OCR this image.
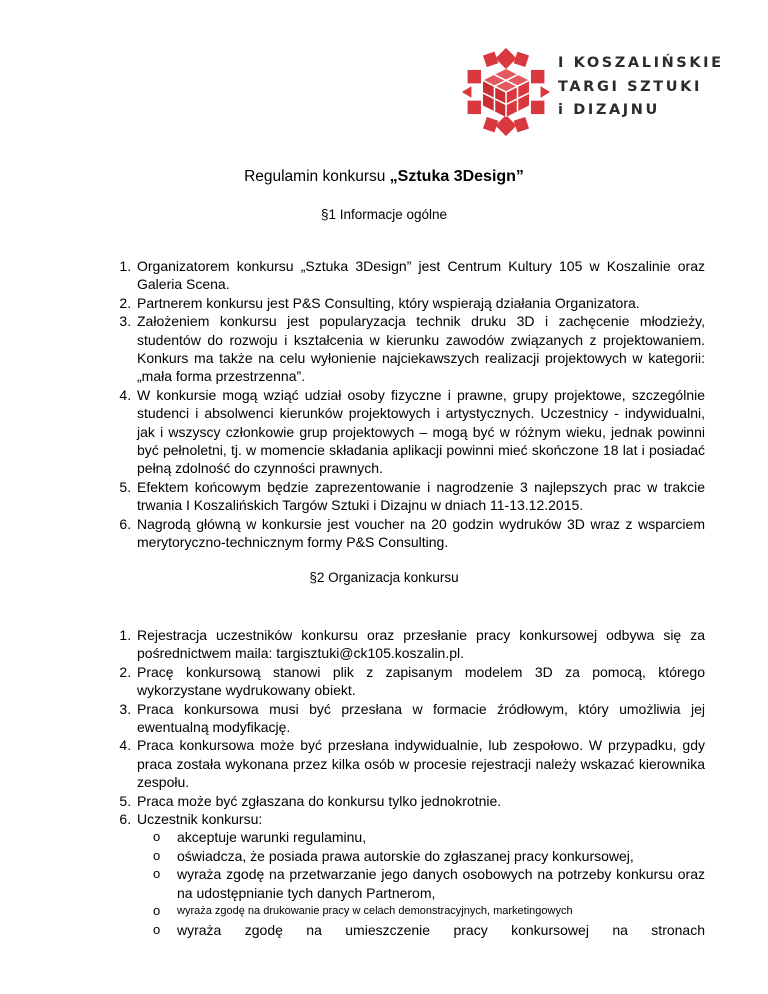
I KOSZALIŃSKIE
TARGI SZTUKI
i DIZAJNU
Regulamin konkursu „Sztuka 3Design”
§1 Informacje ogólne
1. Organizatorem konkursu „Sztuka 3Design” jest Centrum Kultury 105 w Koszalinie oraz Galeria Scena.
2. Partnerem konkursu jest P&S Consulting, który wspierają działania Organizatora.
3. Założeniem konkursu jest popularyzacja technik druku 3D i zachęcenie młodzieży, studentów do rozwoju i kształcenia w kierunku zawodów związanych z projektowaniem. Konkurs ma także na celu wyłonienie najciekawszych realizacji projektowych w kategorii: „mała forma przestrzenna”.
4. W konkursie mogą wziąć udział osoby fizyczne i prawne, grupy projektowe, szczególnie studenci i absolwenci kierunków projektowych i artystycznych. Uczestnicy - indywidualni, jak i wszyscy członkowie grup projektowych – mogą być w różnym wieku, jednak powinni być pełnoletni, tj. w momencie składania aplikacji powinni mieć skończone 18 lat i posiadać pełną zdolność do czynności prawnych.
5. Efektem końcowym będzie zaprezentowanie i nagrodzenie 3 najlepszych prac w trakcie trwania I Koszalińskich Targów Sztuki i Dizajnu w dniach 11-13.12.2015.
6. Nagrodą główną w konkursie jest voucher na 20 godzin wydruków 3D wraz z wsparciem merytoryczno-technicznym formy P&S Consulting.
§2 Organizacja konkursu
1. Rejestracja uczestników konkursu oraz przesłanie pracy konkursowej odbywa się za pośrednictwem maila: targisztuki@ck105.koszalin.pl.
2. Pracę konkursową stanowi plik z zapisanym modelem 3D za pomocą, którego wykorzystane wydrukowany obiekt.
3. Praca konkursowa musi być przesłana w formacie źródłowym, który umożliwia jej ewentualną modyfikację.
4. Praca konkursowa może być przesłana indywidualnie, lub zespołowo. W przypadku, gdy praca została wykonana przez kilka osób w procesie rejestracji należy wskazać kierownika zespołu.
5. Praca może być zgłaszana do konkursu tylko jednokrotnie.
6. Uczestnik konkursu:
o akceptuje warunki regulaminu,
o oświadcza, że posiada prawa autorskie do zgłaszanej pracy konkursowej,
o wyraża zgodę na przetwarzanie jego danych osobowych na potrzeby konkursu oraz na udostępnianie tych danych Partnerom,
o wyraża zgodę na drukowanie pracy w celach demonstracyjnych, marketingowych
o wyraża zgodę na umieszczenie pracy konkursowej na stronach
